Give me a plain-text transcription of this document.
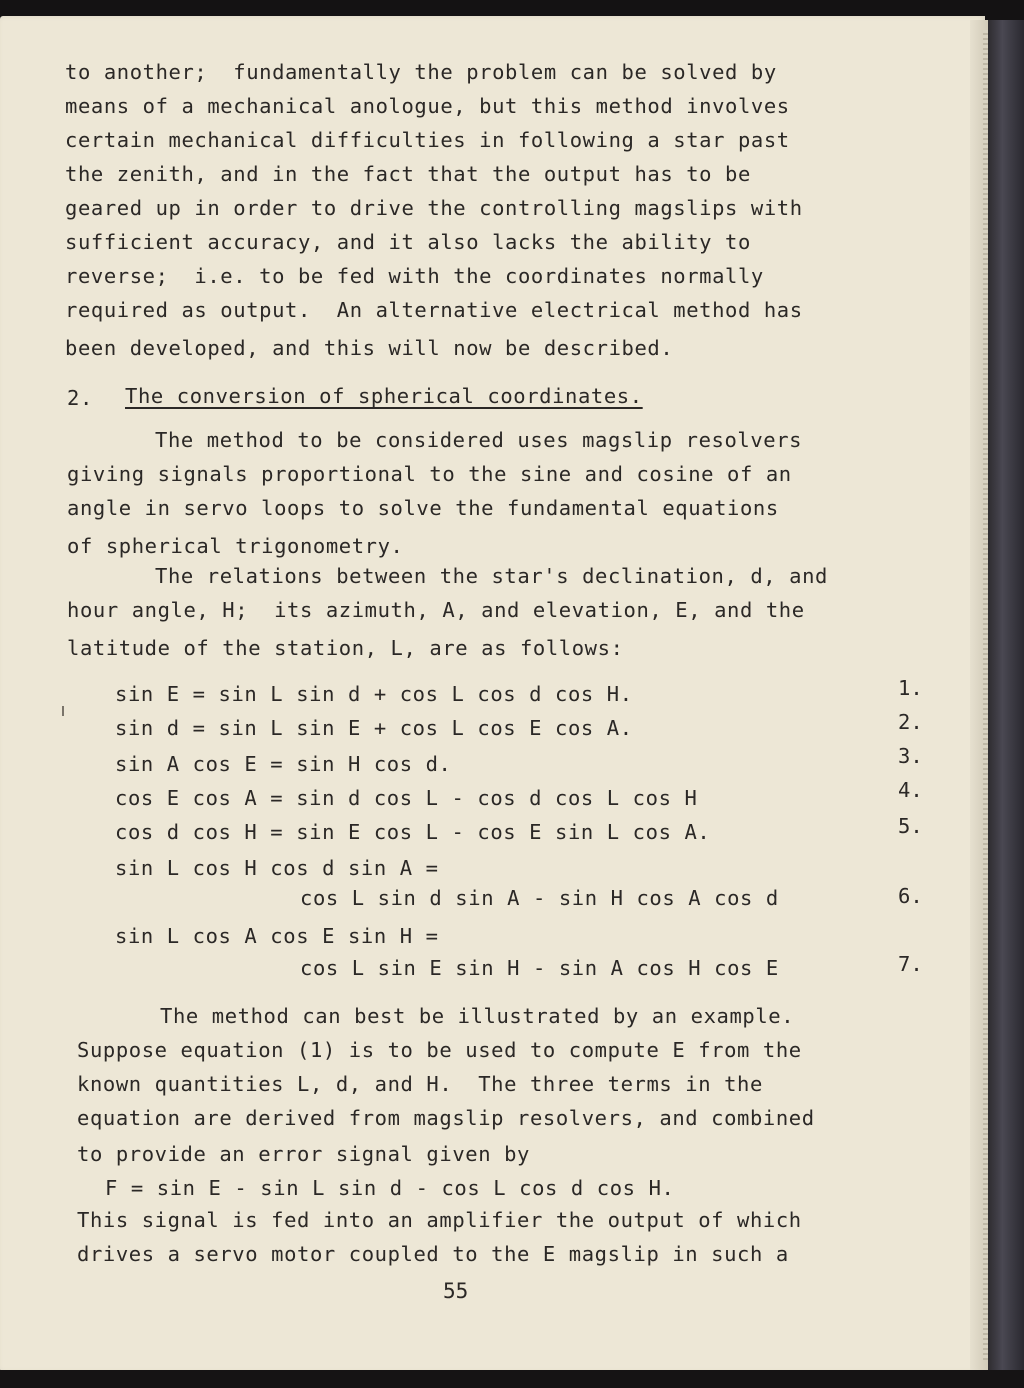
to another;  fundamentally the problem can be solved by
means of a mechanical anologue, but this method involves
certain mechanical difficulties in following a star past
the zenith, and in the fact that the output has to be
geared up in order to drive the controlling magslips with
sufficient accuracy, and it also lacks the ability to
reverse;  i.e. to be fed with the coordinates normally
required as output.  An alternative electrical method has
been developed, and this will now be described.
2. The conversion of spherical coordinates.
The method to be considered uses magslip resolvers
giving signals proportional to the sine and cosine of an
angle in servo loops to solve the fundamental equations
of spherical trigonometry.
The relations between the star's declination, d, and
hour angle, H;  its azimuth, A, and elevation, E, and the
latitude of the station, L, are as follows:
sin E = sin L sin d + cos L cos d cos H.	1.
sin d = sin L sin E + cos L cos E cos A.	2.
sin A cos E = sin H cos d.	3.
cos E cos A = sin d cos L - cos d cos L cos H	4.
cos d cos H = sin E cos L - cos E sin L cos A.	5.
sin L cos H cos d sin A =
cos L sin d sin A - sin H cos A cos d	6.
sin L cos A cos E sin H =
cos L sin E sin H - sin A cos H cos E	7.
The method can best be illustrated by an example.
Suppose equation (1) is to be used to compute E from the
known quantities L, d, and H.  The three terms in the
equation are derived from magslip resolvers, and combined
to provide an error signal given by
F = sin E - sin L sin d - cos L cos d cos H.
This signal is fed into an amplifier the output of which
drives a servo motor coupled to the E magslip in such a
55
